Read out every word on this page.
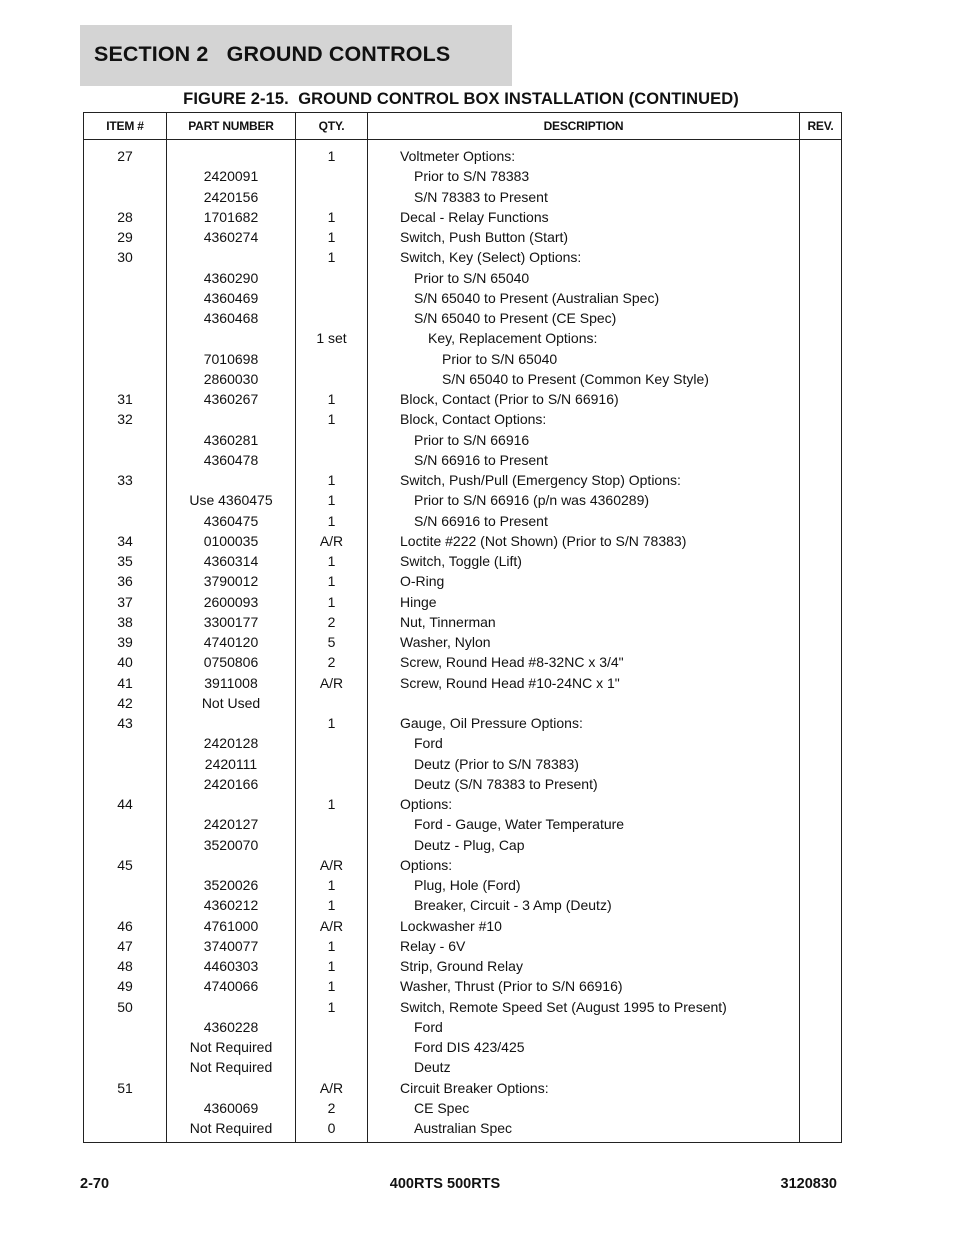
SECTION 2   GROUND CONTROLS
FIGURE 2-15.  GROUND CONTROL BOX INSTALLATION (CONTINUED)
ITEM #	PART NUMBER	QTY.	DESCRIPTION	REV.
27		1	Voltmeter Options:	
	2420091		Prior to S/N 78383	
	2420156		S/N 78383 to Present	
28	1701682	1	Decal - Relay Functions	
29	4360274	1	Switch, Push Button (Start)	
30		1	Switch, Key (Select) Options:	
	4360290		Prior to S/N 65040	
	4360469		S/N 65040 to Present (Australian Spec)	
	4360468		S/N 65040 to Present (CE Spec)	
		1 set	Key, Replacement Options:	
	7010698		Prior to S/N 65040	
	2860030		S/N 65040 to Present (Common Key Style)	
31	4360267	1	Block, Contact (Prior to S/N 66916)	
32		1	Block, Contact Options:	
	4360281		Prior to S/N 66916	
	4360478		S/N 66916 to Present	
33		1	Switch, Push/Pull (Emergency Stop) Options:	
	Use 4360475	1	Prior to S/N 66916 (p/n was 4360289)	
	4360475	1	S/N 66916 to Present	
34	0100035	A/R	Loctite #222 (Not Shown) (Prior to S/N 78383)	
35	4360314	1	Switch, Toggle (Lift)	
36	3790012	1	O-Ring	
37	2600093	1	Hinge	
38	3300177	2	Nut, Tinnerman	
39	4740120	5	Washer, Nylon	
40	0750806	2	Screw, Round Head #8-32NC x 3/4"	
41	3911008	A/R	Screw, Round Head #10-24NC x 1"	
42	Not Used			
43		1	Gauge, Oil Pressure Options:	
	2420128		Ford	
	2420111		Deutz (Prior to S/N 78383)	
	2420166		Deutz (S/N 78383 to Present)	
44		1	Options:	
	2420127		Ford - Gauge, Water Temperature	
	3520070		Deutz - Plug, Cap	
45		A/R	Options:	
	3520026	1	Plug, Hole (Ford)	
	4360212	1	Breaker, Circuit - 3 Amp (Deutz)	
46	4761000	A/R	Lockwasher #10	
47	3740077	1	Relay - 6V	
48	4460303	1	Strip, Ground Relay	
49	4740066	1	Washer, Thrust (Prior to S/N 66916)	
50		1	Switch, Remote Speed Set (August 1995 to Present)	
	4360228		Ford	
	Not Required		Ford DIS 423/425	
	Not Required		Deutz	
51		A/R	Circuit Breaker Options:	
	4360069	2	CE Spec	
	Not Required	0	Australian Spec	
2-70	400RTS 500RTS	3120830
